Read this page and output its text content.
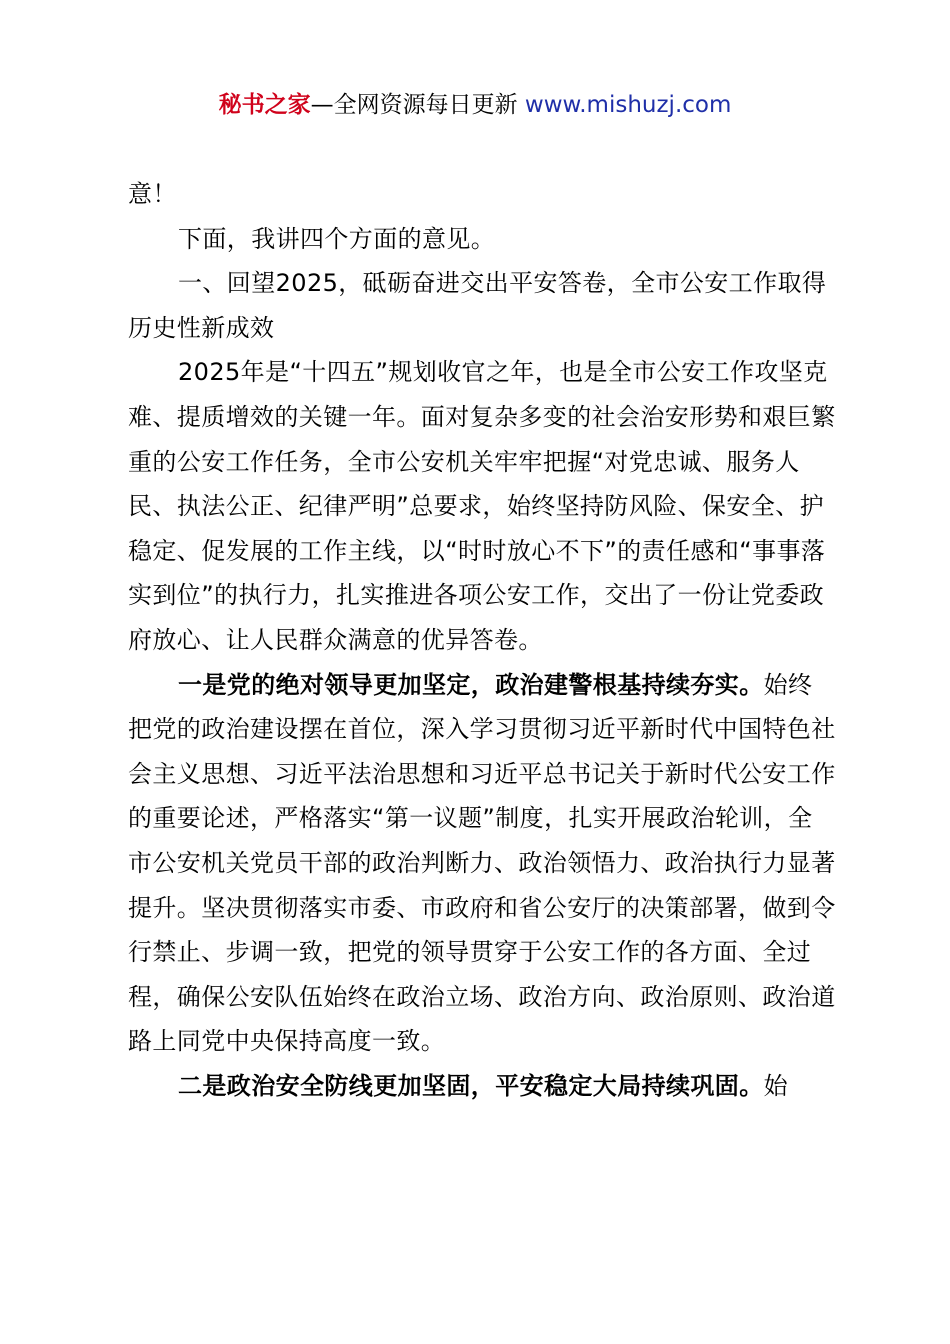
秘书之家—全网资源每日更新 www.mishuzj.com

意！

下面，我讲四个方面的意见。

一、回望2025，砥砺奋进交出平安答卷，全市公安工作取得历史性新成效

2025年是“十四五”规划收官之年，也是全市公安工作攻坚克难、提质增效的关键一年。面对复杂多变的社会治安形势和艰巨繁重的公安工作任务，全市公安机关牢牢把握“对党忠诚、服务人民、执法公正、纪律严明”总要求，始终坚持防风险、保安全、护稳定、促发展的工作主线，以“时时放心不下”的责任感和“事事落实到位”的执行力，扎实推进各项公安工作，交出了一份让党委政府放心、让人民群众满意的优异答卷。

一是党的绝对领导更加坚定，政治建警根基持续夯实。始终把党的政治建设摆在首位，深入学习贯彻习近平新时代中国特色社会主义思想、习近平法治思想和习近平总书记关于新时代公安工作的重要论述，严格落实“第一议题”制度，扎实开展政治轮训，全市公安机关党员干部的政治判断力、政治领悟力、政治执行力显著提升。坚决贯彻落实市委、市政府和省公安厅的决策部署，做到令行禁止、步调一致，把党的领导贯穿于公安工作的各方面、全过程，确保公安队伍始终在政治立场、政治方向、政治原则、政治道路上同党中央保持高度一致。

二是政治安全防线更加坚固，平安稳定大局持续巩固。始
